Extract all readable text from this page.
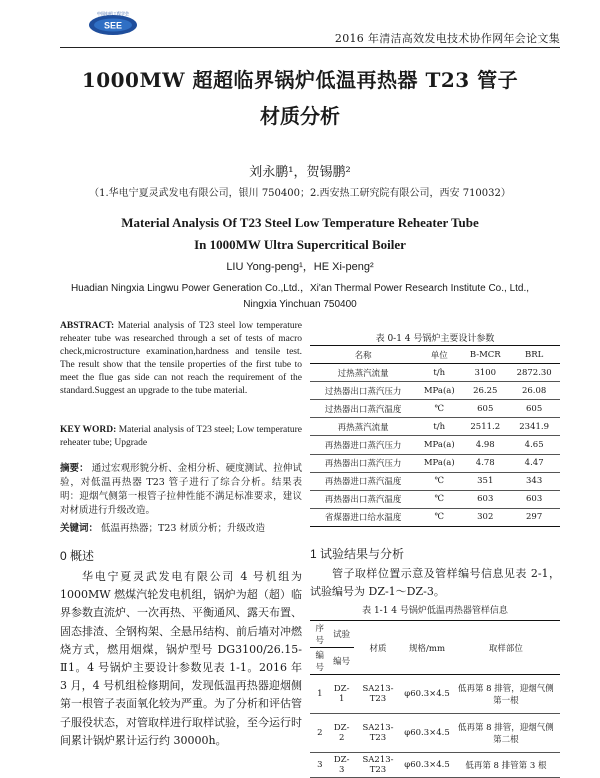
SEE
中国电机工程学会
2016 年清洁高效发电技术协作网年会论文集
1000MW 超超临界锅炉低温再热器 T23 管子
材质分析
刘永鹏¹，贺锡鹏²
（1.华电宁夏灵武发电有限公司，银川 750400；2.西安热工研究院有限公司，西安 710032）
Material Analysis Of T23 Steel Low Temperature Reheater Tube
In 1000MW Ultra Supercritical Boiler
LIU Yong-peng¹，HE Xi-peng²
Huadian Ningxia Lingwu Power Generation Co.,Ltd.，Xi'an Thermal Power Research Institute Co., Ltd.,
Ningxia Yinchuan 750400
ABSTRACT: Material analysis of T23 steel low temperature reheater tube was researched through a set of tests of macro check,microstructure examination,hardness and tensile test. The result show that the tensile properties of the first tube to meet the flue gas side can not reach the requirement of the standard.Suggest an upgrade to the tube material.
KEY WORD: Material analysis of T23 steel; Low temperature reheater tube; Upgrade
摘要： 通过宏观形貌分析、金相分析、硬度测试、拉伸试验，对低温再热器 T23 管子进行了综合分析。结果表明：迎烟气侧第一根管子拉伸性能不满足标准要求，建议对材质进行升级改造。
关键词： 低温再热器；T23 材质分析；升级改造
0 概述
华电宁夏灵武发电有限公司 4 号机组为 1000MW 燃煤汽轮发电机组，锅炉为超（超）临界参数直流炉、一次再热、平衡通风、露天布置、固态排渣、全钢构架、全悬吊结构、前后墙对冲燃烧方式，燃用烟煤，锅炉型号 DG3100/26.15-Ⅱ1。4 号锅炉主要设计参数见表 1-1。2016 年 3 月，4 号机组检修期间，发现低温再热器迎烟侧第一根管子表面氧化较为严重。为了分析和评估管子服役状态，对管取样进行取样试验，至今运行时间累计锅炉累计运行约 30000h。
表 0-1 4 号锅炉主要设计参数
名称	单位	B-MCR	BRL
过热蒸汽流量	t/h	3100	2872.30
过热器出口蒸汽压力	MPa(a)	26.25	26.08
过热器出口蒸汽温度	℃	605	605
再热蒸汽流量	t/h	2511.2	2341.9
再热器进口蒸汽压力	MPa(a)	4.98	4.65
再热器出口蒸汽压力	MPa(a)	4.78	4.47
再热器进口蒸汽温度	℃	351	343
再热器出口蒸汽温度	℃	603	603
省煤器进口给水温度	℃	302	297
1 试验结果与分析
管子取样位置示意及管样编号信息见表 2-1，试验编号为 DZ-1～DZ-3。
表 1-1 4 号锅炉低温再热器管样信息
序号	试验	材质	规格/mm	取样部位
编号	编号			
1	DZ-1	SA213-T23	φ60.3×4.5	低再第 8 排管，迎烟气侧第一根
2	DZ-2	SA213-T23	φ60.3×4.5	低再第 8 排管，迎烟气侧第二根
3	DZ-3	SA213-T23	φ60.3×4.5	低再第 8 排管第 3 根
